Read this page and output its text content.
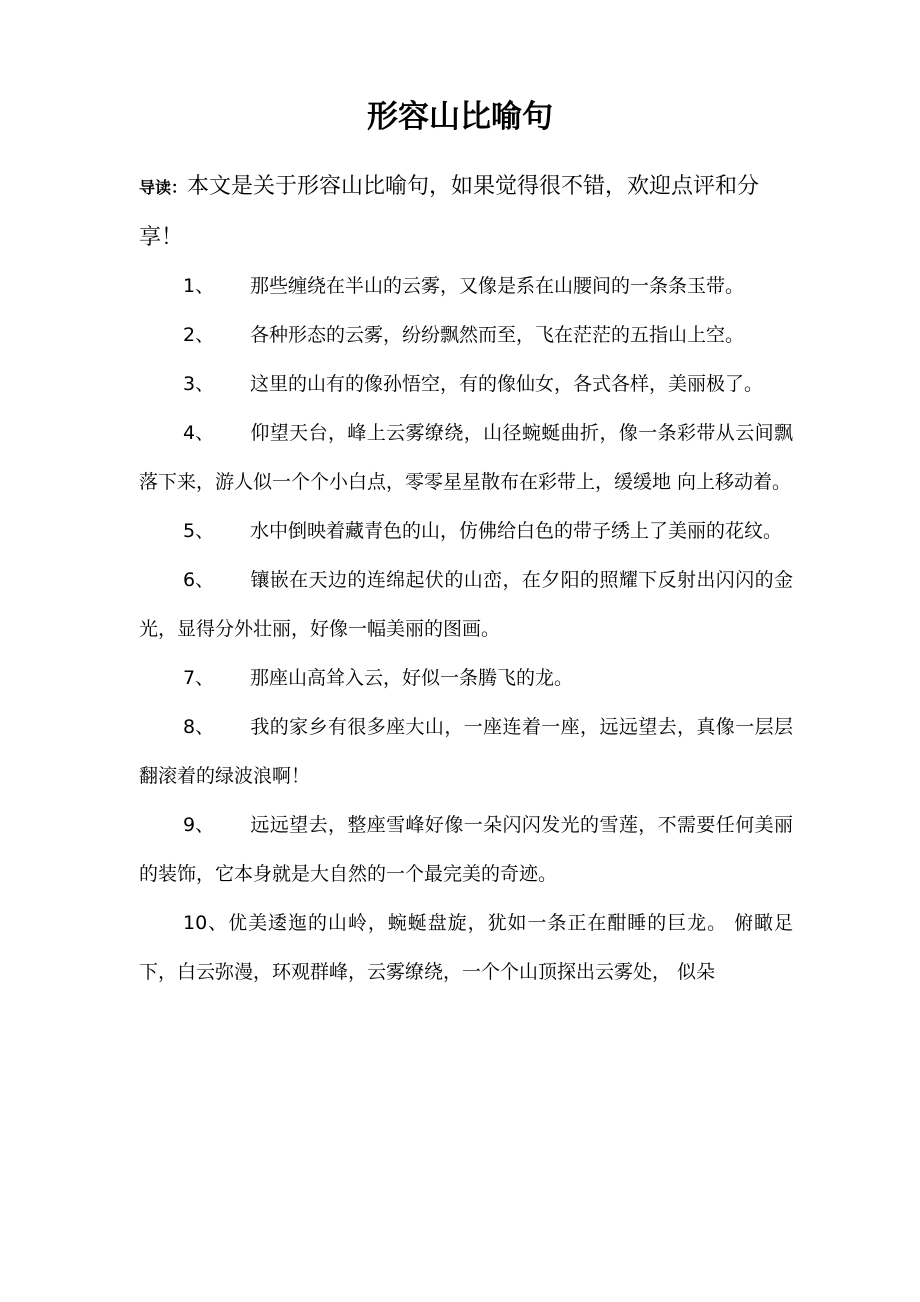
形容山比喻句
导读：本文是关于形容山比喻句，如果觉得很不错，欢迎点评和分享！

1、 那些缠绕在半山的云雾，又像是系在山腰间的一条条玉带。

2、 各种形态的云雾，纷纷飘然而至，飞在茫茫的五指山上空。

3、 这里的山有的像孙悟空，有的像仙女，各式各样，美丽极了。

4、 仰望天台，峰上云雾缭绕，山径蜿蜒曲折，像一条彩带从云间飘落下来，游人似一个个小白点，零零星星散布在彩带上，缓缓地 向上移动着。

5、 水中倒映着藏青色的山，仿佛给白色的带子绣上了美丽的花纹。

6、 镶嵌在天边的连绵起伏的山峦，在夕阳的照耀下反射出闪闪的金光，显得分外壮丽，好像一幅美丽的图画。

7、 那座山高耸入云，好似一条腾飞的龙。

8、 我的家乡有很多座大山，一座连着一座，远远望去，真像一层层翻滚着的绿波浪啊！

9、 远远望去，整座雪峰好像一朵闪闪发光的雪莲，不需要任何美丽的装饰，它本身就是大自然的一个最完美的奇迹。

10、优美逶迤的山岭，蜿蜒盘旋，犹如一条正在酣睡的巨龙。 俯瞰足下，白云弥漫，环观群峰，云雾缭绕，一个个山顶探出云雾处， 似朵
